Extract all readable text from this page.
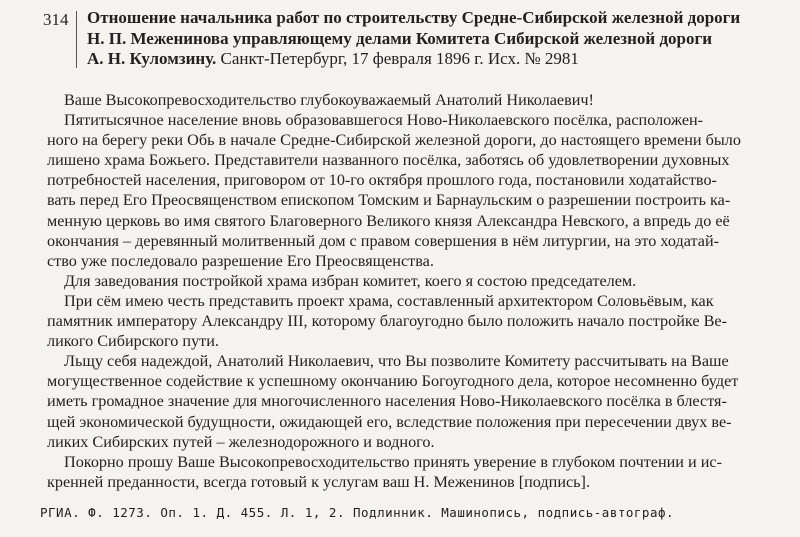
314 Отношение начальника работ по строительству Средне-Сибирской железной дороги
Н. П. Меженинова управляющему делами Комитета Сибирской железной дороги
А. Н. Куломзину. Санкт-Петербург, 17 февраля 1896 г. Исх. № 2981
Ваше Высокопревосходительство глубокоуважаемый Анатолий Николаевич!
Пятитысячное население вновь образовавшегося Ново-Николаевского посёлка, расположен-
ного на берегу реки Обь в начале Средне-Сибирской железной дороги, до настоящего времени было
лишено храма Божьего. Представители названного посёлка, заботясь об удовлетворении духовных
потребностей населения, приговором от 10-го октября прошлого года, постановили ходатайство-
вать перед Его Преосвященством епископом Томским и Барнаульским о разрешении построить ка-
менную церковь во имя святого Благоверного Великого князя Александра Невского, а впредь до её
окончания – деревянный молитвенный дом с правом совершения в нём литургии, на это ходатай-
ство уже последовало разрешение Его Преосвященства.
Для заведования постройкой храма избран комитет, коего я состою председателем.
При сём имею честь представить проект храма, составленный архитектором Соловьёвым, как
памятник императору Александру III, которому благоугодно было положить начало постройке Ве-
ликого Сибирского пути.
Льщу себя надеждой, Анатолий Николаевич, что Вы позволите Комитету рассчитывать на Ваше
могущественное содействие к успешному окончанию Богоугодного дела, которое несомненно будет
иметь громадное значение для многочисленного населения Ново-Николаевского посёлка в блестя-
щей экономической будущности, ожидающей его, вследствие положения при пересечении двух ве-
ликих Сибирских путей – железнодорожного и водного.
Покорно прошу Ваше Высокопревосходительство принять уверение в глубоком почтении и ис-
кренней преданности, всегда готовый к услугам ваш Н. Меженинов [подпись].
РГИА. Ф. 1273. Оп. 1. Д. 455. Л. 1, 2. Подлинник. Машинопись, подпись-автограф.
